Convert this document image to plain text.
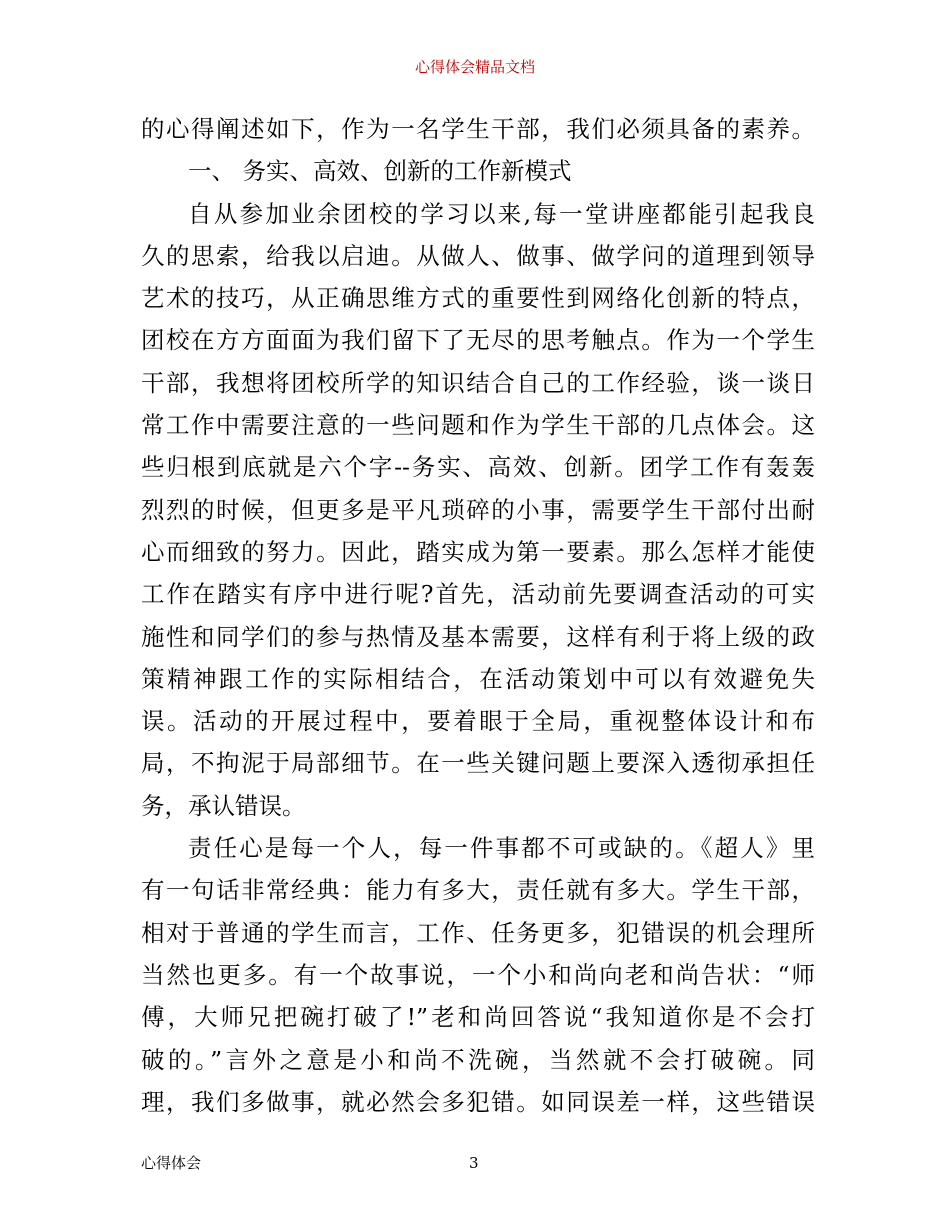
心得体会精品文档
的心得阐述如下，作为一名学生干部，我们必须具备的素养。
一、 务实、高效、创新的工作新模式
自从参加业余团校的学习以来,每一堂讲座都能引起我良
久的思索，给我以启迪。从做人、做事、做学问的道理到领导
艺术的技巧，从正确思维方式的重要性到网络化创新的特点，
团校在方方面面为我们留下了无尽的思考触点。作为一个学生
干部，我想将团校所学的知识结合自己的工作经验，谈一谈日
常工作中需要注意的一些问题和作为学生干部的几点体会。这
些归根到底就是六个字--务实、高效、创新。团学工作有轰轰
烈烈的时候，但更多是平凡琐碎的小事，需要学生干部付出耐
心而细致的努力。因此，踏实成为第一要素。那么怎样才能使
工作在踏实有序中进行呢?首先，活动前先要调查活动的可实
施性和同学们的参与热情及基本需要，这样有利于将上级的政
策精神跟工作的实际相结合，在活动策划中可以有效避免失
误。活动的开展过程中，要着眼于全局，重视整体设计和布
局，不拘泥于局部细节。在一些关键问题上要深入透彻承担任
务，承认错误。
责任心是每一个人，每一件事都不可或缺的。《超人》里
有一句话非常经典：能力有多大，责任就有多大。学生干部，
相对于普通的学生而言，工作、任务更多，犯错误的机会理所
当然也更多。有一个故事说，一个小和尚向老和尚告状：“师
傅，大师兄把碗打破了!”老和尚回答说“我知道你是不会打
破的。”言外之意是小和尚不洗碗，当然就不会打破碗。同
理，我们多做事，就必然会多犯错。如同误差一样，这些错误
心得体会	3
